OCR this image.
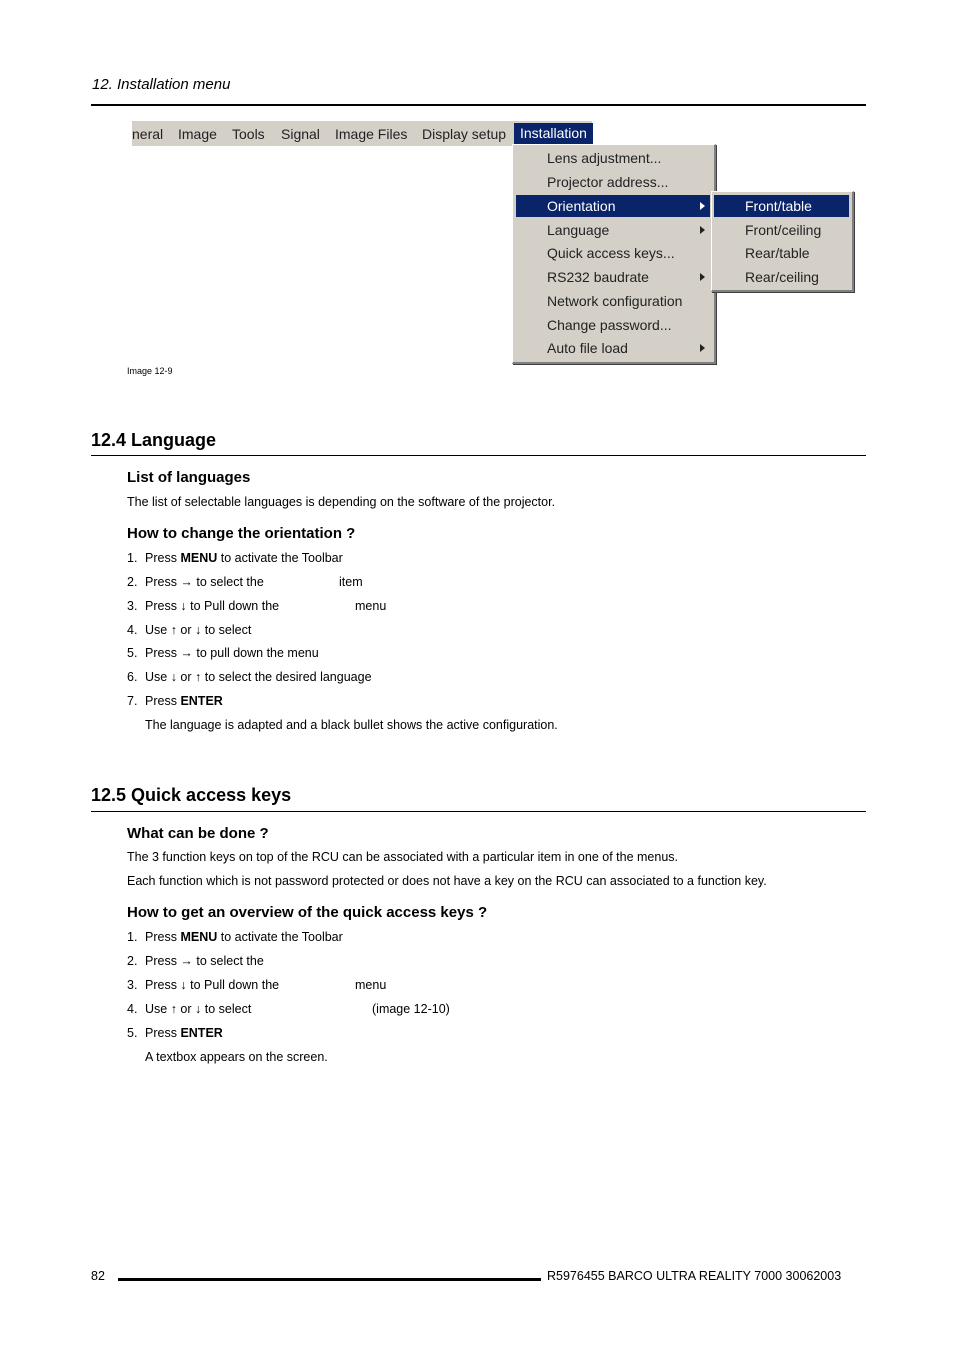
12. Installation menu
neral Image Tools Signal Image Files Display setup Installation
Lens adjustment...
Projector address...
Orientation
Language
Quick access keys...
RS232 baudrate
Network configuration
Change password...
Auto file load
Front/table
Front/ceiling
Rear/table
Rear/ceiling
Image 12-9
12.4 Language
List of languages
The list of selectable languages is depending on the software of the projector.
How to change the orientation ?
1. Press MENU to activate the Toolbar
2. Press → to select the	item
3. Press ↓ to Pull down the	menu
4. Use ↑ or ↓ to select
5. Press → to pull down the menu
6. Use ↓ or ↑ to select the desired language
7. Press ENTER
The language is adapted and a black bullet shows the active configuration.
12.5 Quick access keys
What can be done ?
The 3 function keys on top of the RCU can be associated with a particular item in one of the menus.
Each function which is not password protected or does not have a key on the RCU can associated to a function key.
How to get an overview of the quick access keys ?
1. Press MENU to activate the Toolbar
2. Press → to select the
3. Press ↓ to Pull down the	menu
4. Use ↑ or ↓ to select	(image 12-10)
5. Press ENTER
A textbox appears on the screen.
82	R5976455 BARCO ULTRA REALITY 7000 30062003
